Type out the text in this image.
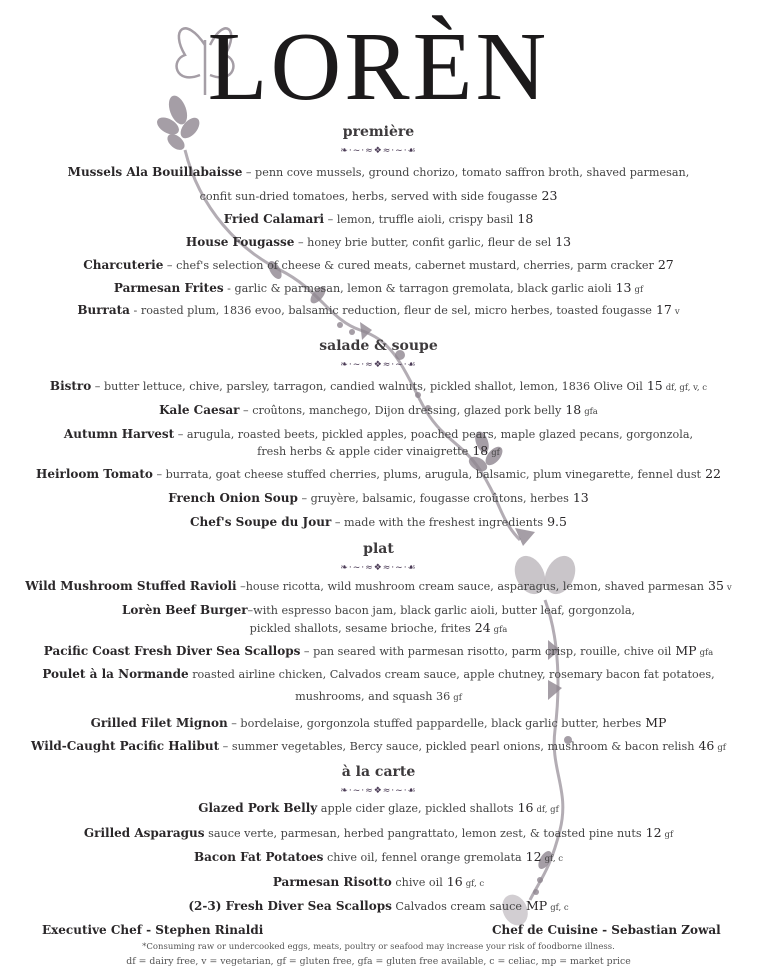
LORÈN
première
❧·~·≈❖≈·~·☙
Mussels Ala Bouillabaisse – penn cove mussels, ground chorizo, tomato saffron broth, shaved parmesan,
confit sun-dried tomatoes, herbs, served with side fougasse 23
Fried Calamari – lemon, truffle aioli, crispy basil 18
House Fougasse – honey brie butter, confit garlic, fleur de sel 13
Charcuterie – chef's selection of cheese & cured meats, cabernet mustard, cherries, parm cracker 27
Parmesan Frites - garlic & parmesan, lemon & tarragon gremolata, black garlic aioli 13 gf
Burrata - roasted plum, 1836 evoo, balsamic reduction, fleur de sel, micro herbes, toasted fougasse 17 v
salade & soupe
❧·~·≈❖≈·~·☙
Bistro – butter lettuce, chive, parsley, tarragon, candied walnuts, pickled shallot, lemon, 1836 Olive Oil 15 df, gf, v, c
Kale Caesar – croûtons, manchego, Dijon dressing, glazed pork belly 18 gfa
Autumn Harvest – arugula, roasted beets, pickled apples, poached pears, maple glazed pecans, gorgonzola,
fresh herbs & apple cider vinaigrette 18 gf
Heirloom Tomato – burrata, goat cheese stuffed cherries, plums, arugula, balsamic, plum vinegarette, fennel dust 22
French Onion Soup – gruyère, balsamic, fougasse croûtons, herbes 13
Chef's Soupe du Jour – made with the freshest ingredients 9.5
plat
❧·~·≈❖≈·~·☙
Wild Mushroom Stuffed Ravioli –house ricotta, wild mushroom cream sauce, asparagus, lemon, shaved parmesan 35 v
Lorèn Beef Burger–with espresso bacon jam, black garlic aioli, butter leaf, gorgonzola,
pickled shallots, sesame brioche, frites 24 gfa
Pacific Coast Fresh Diver Sea Scallops – pan seared with parmesan risotto, parm crisp, rouille, chive oil MP gfa
Poulet à la Normande roasted airline chicken, Calvados cream sauce, apple chutney, rosemary bacon fat potatoes,
mushrooms, and squash 36 gf
Grilled Filet Mignon – bordelaise, gorgonzola stuffed pappardelle, black garlic butter, herbes MP
Wild-Caught Pacific Halibut – summer vegetables, Bercy sauce, pickled pearl onions, mushroom & bacon relish 46 gf
à la carte
❧·~·≈❖≈·~·☙
Glazed Pork Belly apple cider glaze, pickled shallots 16 df, gf
Grilled Asparagus sauce verte, parmesan, herbed pangrattato, lemon zest, & toasted pine nuts 12 gf
Bacon Fat Potatoes chive oil, fennel orange gremolata 12 gf, c
Parmesan Risotto chive oil 16 gf, c
(2-3) Fresh Diver Sea Scallops Calvados cream sauce MP gf, c
Executive Chef - Stephen Rinaldi	Chef de Cuisine - Sebastian Zowal
*Consuming raw or undercooked eggs, meats, poultry or seafood may increase your risk of foodborne illness.
df = dairy free, v = vegetarian, gf = gluten free, gfa = gluten free available, c = celiac, mp = market price
